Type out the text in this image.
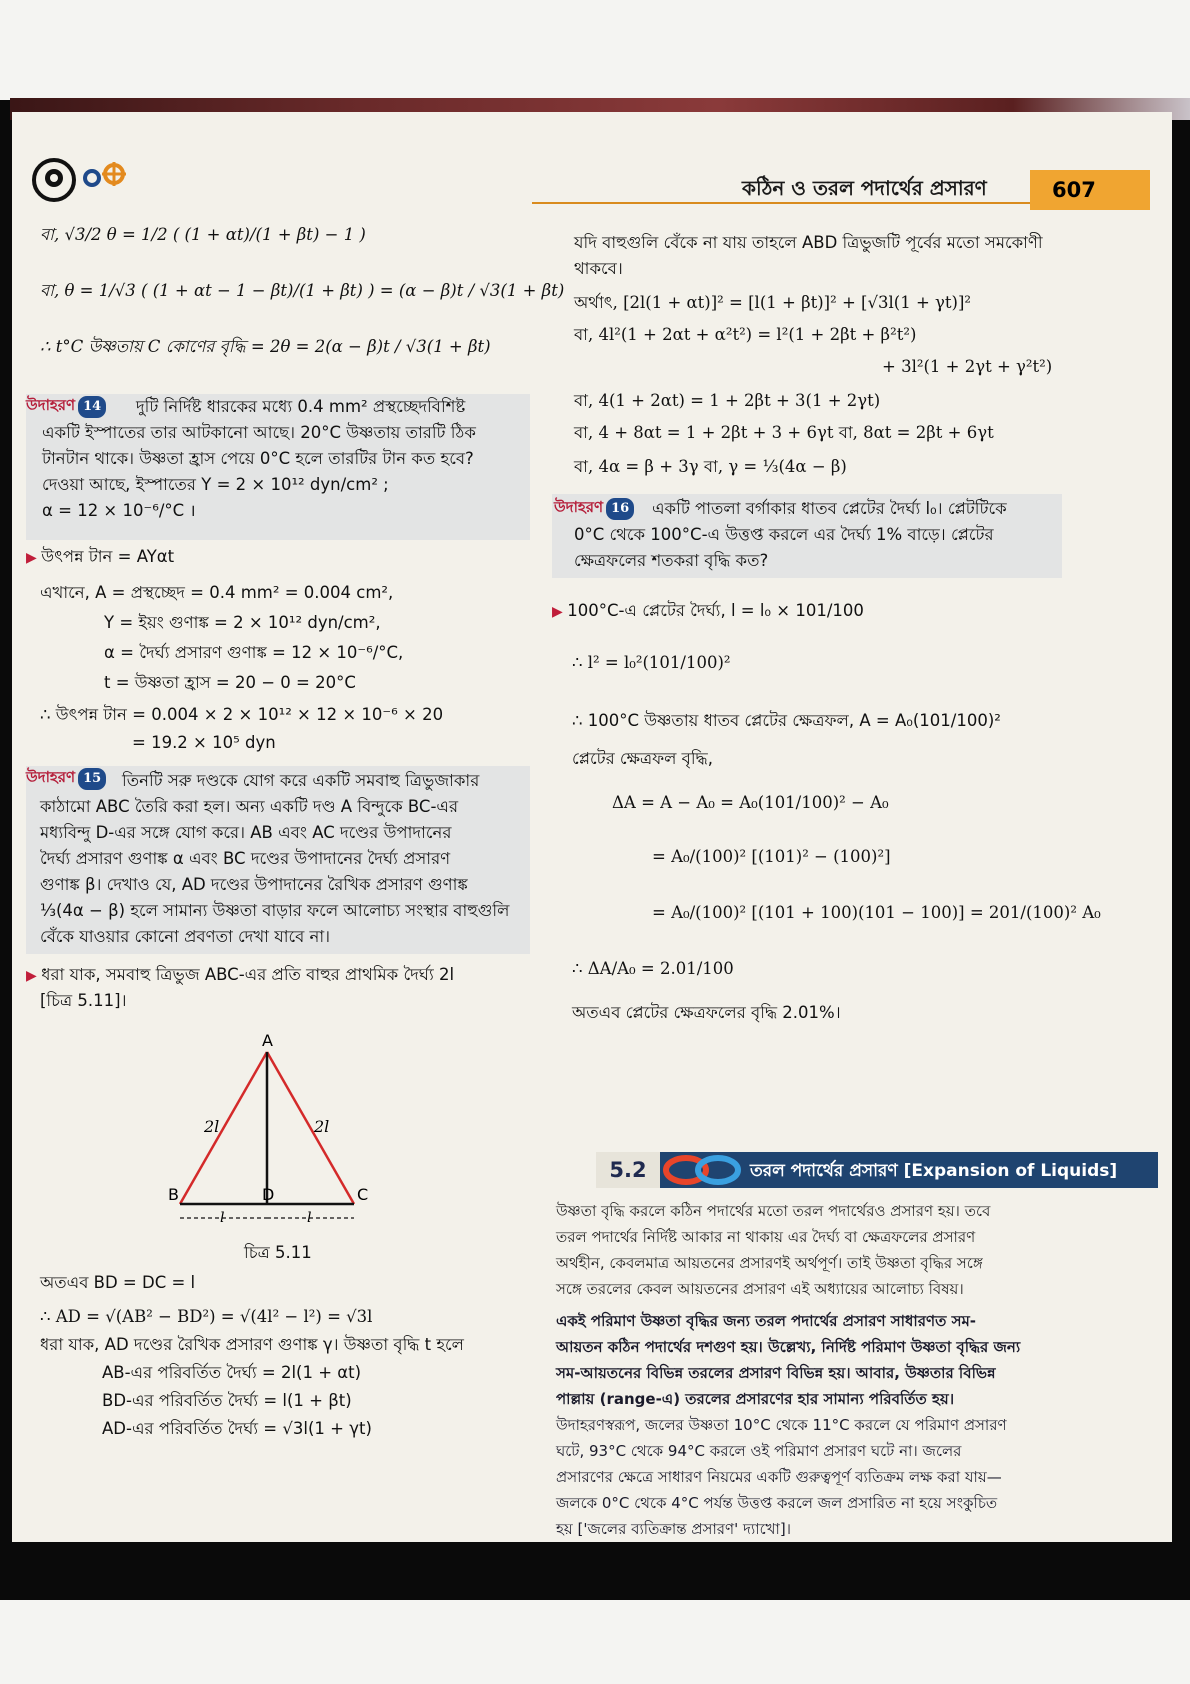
কঠিন ও তরল পদার্থের প্রসারণ	607
বা, √3/2 θ = 1/2 ( (1 + αt)/(1 + βt) − 1 )
বা, θ = 1/√3 ( (1 + αt − 1 − βt)/(1 + βt) ) = (α − β)t / √3(1 + βt)
∴ t°C উষ্ণতায় C কোণের বৃদ্ধি = 2θ = 2(α − β)t / √3(1 + βt)
উদাহরণ 14	দুটি নির্দিষ্ট ধারকের মধ্যে 0.4 mm² প্রস্থচ্ছেদবিশিষ্ট
একটি ইস্পাতের তার আটকানো আছে। 20°C উষ্ণতায় তারটি ঠিক
টানটান থাকে। উষ্ণতা হ্রাস পেয়ে 0°C হলে তারটির টান কত হবে?
দেওয়া আছে, ইস্পাতের Y = 2 × 10¹² dyn/cm² ;
α = 12 × 10⁻⁶/°C ।
▶ উৎপন্ন টান = AYαt
এখানে, A = প্রস্থচ্ছেদ = 0.4 mm² = 0.004 cm²,
Y = ইয়ং গুণাঙ্ক = 2 × 10¹² dyn/cm²,
α = দৈর্ঘ্য প্রসারণ গুণাঙ্ক = 12 × 10⁻⁶/°C,
t = উষ্ণতা হ্রাস = 20 − 0 = 20°C
∴ উৎপন্ন টান = 0.004 × 2 × 10¹² × 12 × 10⁻⁶ × 20
= 19.2 × 10⁵ dyn
উদাহরণ 15	তিনটি সরু দণ্ডকে যোগ করে একটি সমবাহু ত্রিভুজাকার
কাঠামো ABC তৈরি করা হল। অন্য একটি দণ্ড A বিন্দুকে BC-এর
মধ্যবিন্দু D-এর সঙ্গে যোগ করে। AB এবং AC দণ্ডের উপাদানের
দৈর্ঘ্য প্রসারণ গুণাঙ্ক α এবং BC দণ্ডের উপাদানের দৈর্ঘ্য প্রসারণ
গুণাঙ্ক β। দেখাও যে, AD দণ্ডের উপাদানের রৈখিক প্রসারণ গুণাঙ্ক
⅓(4α − β) হলে সামান্য উষ্ণতা বাড়ার ফলে আলোচ্য সংস্থার বাহুগুলি
বেঁকে যাওয়ার কোনো প্রবণতা দেখা যাবে না।
▶ ধরা যাক, সমবাহু ত্রিভুজ ABC-এর প্রতি বাহুর প্রাথমিক দৈর্ঘ্য 2l
[চিত্র 5.11]।
A
B	C
D
2l	2l
l	l
চিত্র 5.11
অতএব BD = DC = l
∴ AD = √(AB² − BD²) = √(4l² − l²) = √3l
ধরা যাক, AD দণ্ডের রৈখিক প্রসারণ গুণাঙ্ক γ। উষ্ণতা বৃদ্ধি t হলে
AB-এর পরিবর্তিত দৈর্ঘ্য = 2l(1 + αt)
BD-এর পরিবর্তিত দৈর্ঘ্য = l(1 + βt)
AD-এর পরিবর্তিত দৈর্ঘ্য = √3l(1 + γt)
যদি বাহুগুলি বেঁকে না যায় তাহলে ABD ত্রিভুজটি পূর্বের মতো সমকোণী
থাকবে।
অর্থাৎ, [2l(1 + αt)]² = [l(1 + βt)]² + [√3l(1 + γt)]²
বা, 4l²(1 + 2αt + α²t²) = l²(1 + 2βt + β²t²)
+ 3l²(1 + 2γt + γ²t²)
বা, 4(1 + 2αt) = 1 + 2βt + 3(1 + 2γt)
বা, 4 + 8αt = 1 + 2βt + 3 + 6γt বা, 8αt = 2βt + 6γt
বা, 4α = β + 3γ বা, γ = ⅓(4α − β)
উদাহরণ 16	একটি পাতলা বর্গাকার ধাতব প্লেটের দৈর্ঘ্য l₀। প্লেটটিকে
0°C থেকে 100°C-এ উত্তপ্ত করলে এর দৈর্ঘ্য 1% বাড়ে। প্লেটের
ক্ষেত্রফলের শতকরা বৃদ্ধি কত?
▶ 100°C-এ প্লেটের দৈর্ঘ্য, l = l₀ × 101/100
∴ l² = l₀²(101/100)²
∴ 100°C উষ্ণতায় ধাতব প্লেটের ক্ষেত্রফল, A = A₀(101/100)²
প্লেটের ক্ষেত্রফল বৃদ্ধি,
ΔA = A − A₀ = A₀(101/100)² − A₀
= A₀/(100)² [(101)² − (100)²]
= A₀/(100)² [(101 + 100)(101 − 100)] = 201/(100)² A₀
∴ ΔA/A₀ = 2.01/100
অতএব প্লেটের ক্ষেত্রফলের বৃদ্ধি 2.01%।
5.2	তরল পদার্থের প্রসারণ [Expansion of Liquids]
উষ্ণতা বৃদ্ধি করলে কঠিন পদার্থের মতো তরল পদার্থেরও প্রসারণ হয়। তবে
তরল পদার্থের নির্দিষ্ট আকার না থাকায় এর দৈর্ঘ্য বা ক্ষেত্রফলের প্রসারণ
অর্থহীন, কেবলমাত্র আয়তনের প্রসারণই অর্থপূর্ণ। তাই উষ্ণতা বৃদ্ধির সঙ্গে
সঙ্গে তরলের কেবল আয়তনের প্রসারণ এই অধ্যায়ের আলোচ্য বিষয়।
একই পরিমাণ উষ্ণতা বৃদ্ধির জন্য তরল পদার্থের প্রসারণ সাধারণত সম-
আয়তন কঠিন পদার্থের দশগুণ হয়। উল্লেখ্য, নির্দিষ্ট পরিমাণ উষ্ণতা বৃদ্ধির জন্য
সম-আয়তনের বিভিন্ন তরলের প্রসারণ বিভিন্ন হয়। আবার, উষ্ণতার বিভিন্ন
পাল্লায় (range-এ) তরলের প্রসারণের হার সামান্য পরিবর্তিত হয়।
উদাহরণস্বরূপ, জলের উষ্ণতা 10°C থেকে 11°C করলে যে পরিমাণ প্রসারণ
ঘটে, 93°C থেকে 94°C করলে ওই পরিমাণ প্রসারণ ঘটে না। জলের
প্রসারণের ক্ষেত্রে সাধারণ নিয়মের একটি গুরুত্বপূর্ণ ব্যতিক্রম লক্ষ করা যায়—
জলকে 0°C থেকে 4°C পর্যন্ত উত্তপ্ত করলে জল প্রসারিত না হয়ে সংকুচিত
হয় ['জলের ব্যতিক্রান্ত প্রসারণ' দ্যাখো]।
